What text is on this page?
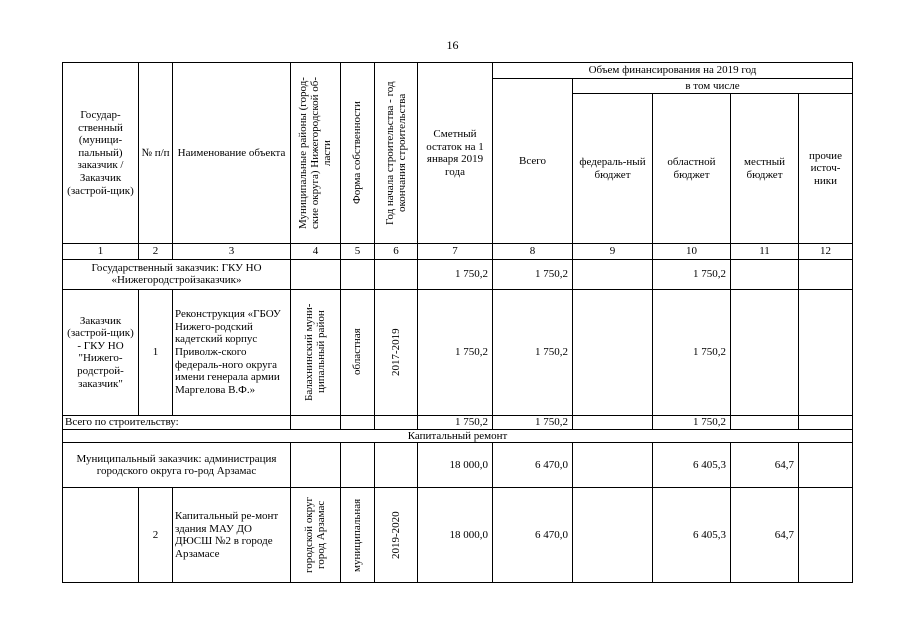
16
Государ-ственный (муници-пальный) заказчик / Заказчик (застрой-щик)	№ п/п	Наименование объекта	Муниципальные районы (город-ские округа) Нижегородской об-ласти	Форма собственности	Год начала строительства - год окончания строительства	Сметный остаток на 1 января 2019 года	Объем финансирования на 2019 год				
							Всего	в том числе			
								федераль-ный бюджет	областной бюджет	местный бюджет	прочие источ-ники
1	2	3	4	5	6	7	8	9	10	11	12
Государственный заказчик: ГКУ НО «Нижегородстройзаказчик»						1 750,2	1 750,2		1 750,2		
Заказчик (застрой-щик) - ГКУ НО "Нижего-родстрой-заказчик"	1	Реконструкция «ГБОУ Нижего-родский кадетский корпус Приволж-ского федераль-ного округа имени генерала армии Маргелова В.Ф.»	Балахнинский муни-ципальный район	областная	2017-2019	1 750,2	1 750,2		1 750,2		
Всего по строительству:						1 750,2	1 750,2		1 750,2		
Капитальный ремонт											
Муниципальный заказчик: администрация городского округа го-род Арзамас						18 000,0	6 470,0		6 405,3	64,7	
	2	Капитальный ре-монт здания МАУ ДО ДЮСШ №2 в городе Арзамасе	городской округ город Арзамас	муниципальная	2019-2020	18 000,0	6 470,0		6 405,3	64,7	
